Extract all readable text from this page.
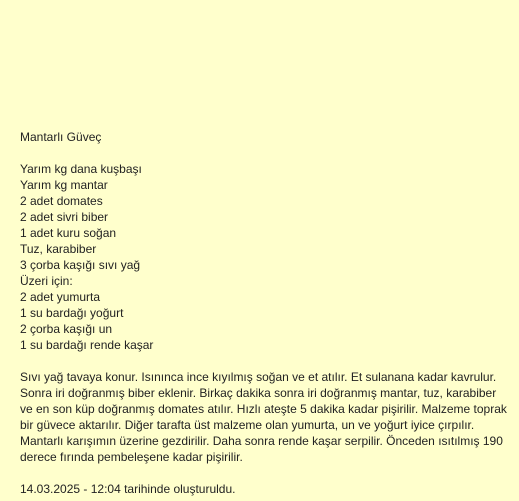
Mantarlı Güveç
Yarım kg dana kuşbaşı
Yarım kg mantar
2 adet domates
2 adet sivri biber
1 adet kuru soğan
Tuz, karabiber
3 çorba kaşığı sıvı yağ
Üzeri için:
2 adet yumurta
1 su bardağı yoğurt
2 çorba kaşığı un
1 su bardağı rende kaşar
Sıvı yağ tavaya konur. Isınınca ince kıyılmış soğan ve et atılır. Et sulanana kadar kavrulur. Sonra iri doğranmış biber eklenir. Birkaç dakika sonra iri doğranmış mantar, tuz, karabiber ve en son küp doğranmış domates atılır. Hızlı ateşte 5 dakika kadar pişirilir. Malzeme toprak bir güvece aktarılır. Diğer tarafta üst malzeme olan yumurta, un ve yoğurt iyice çırpılır. Mantarlı karışımın üzerine gezdirilir. Daha sonra rende kaşar serpilir. Önceden ısıtılmış 190 derece fırında pembeleşene kadar pişirilir.
14.03.2025 - 12:04 tarihinde oluşturuldu.
